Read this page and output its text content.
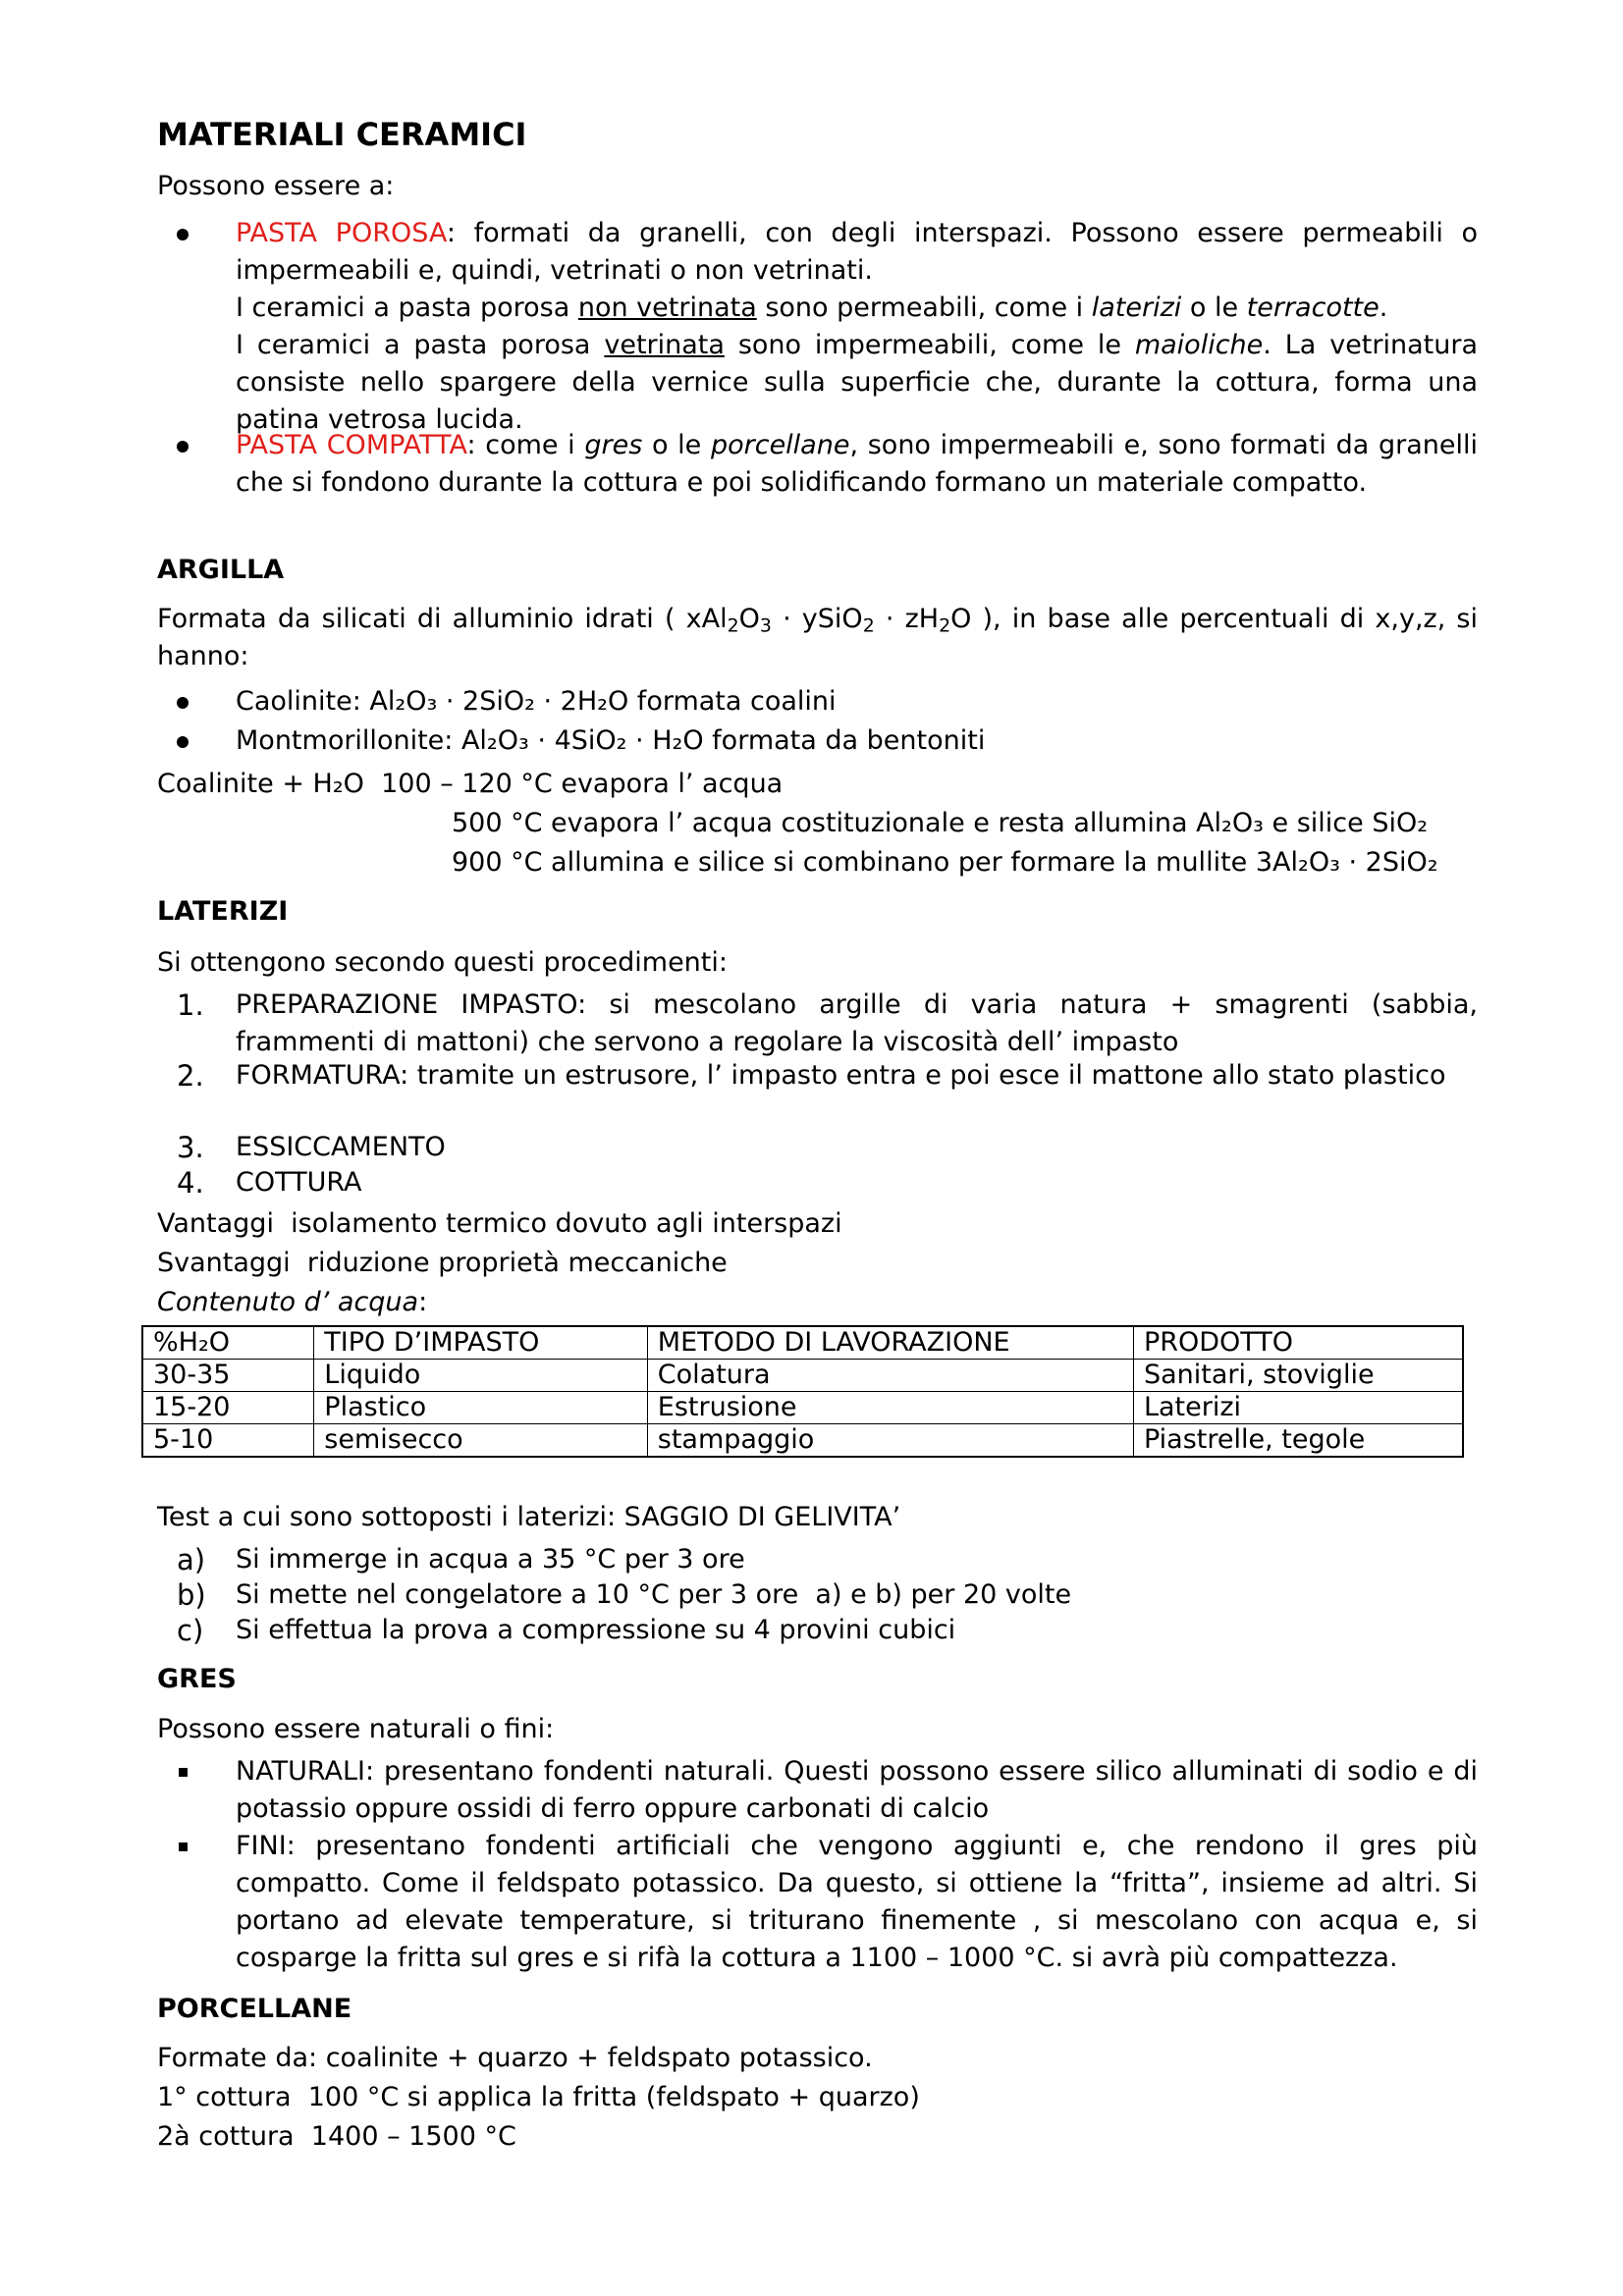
MATERIALI CERAMICI
Possono essere a:
PASTA POROSA: formati da granelli, con degli interspazi. Possono essere permeabili o impermeabili e, quindi, vetrinati o non vetrinati.
I ceramici a pasta porosa non vetrinata sono permeabili, come i laterizi o le terracotte.
I ceramici a pasta porosa vetrinata sono impermeabili, come le maioliche. La vetrinatura consiste nello spargere della vernice sulla superficie che, durante la cottura, forma una patina vetrosa lucida.
PASTA COMPATTA: come i gres o le porcellane, sono impermeabili e, sono formati da granelli che si fondono durante la cottura e poi solidificando formano un materiale compatto.
ARGILLA
Formata da silicati di alluminio idrati ( $xAl_2O_3$ · ySiO$_2$ · $zH_2O$ ), in base alle percentuali di x,y,z, si hanno:
Caolinite: Al₂O₃ · 2SiO₂ · 2H₂O formata coalini
Montmorillonite: Al₂O₃ · 4SiO₂ · H₂O formata da bentoniti
Coalinite + H₂O 100 – 120 °C evapora l’ acqua
500 °C evapora l’ acqua costituzionale e resta allumina Al₂O₃ e silice SiO₂
900 °C allumina e silice si combinano per formare la mullite 3Al₂O₃ · 2SiO₂
LATERIZI
Si ottengono secondo questi procedimenti:
1.	PREPARAZIONE IMPASTO: si mescolano argille di varia natura + smagrenti (sabbia, frammenti di mattoni) che servono a regolare la viscosità dell’ impasto
2.	FORMATURA: tramite un estrusore, l’ impasto entra e poi esce il mattone allo stato plastico
3.	ESSICCAMENTO
4.	COTTURA
Vantaggi isolamento termico dovuto agli interspazi
Svantaggi riduzione proprietà meccaniche
Contenuto d’ acqua:
%H₂O	TIPO D’IMPASTO	METODO DI LAVORAZIONE	PRODOTTO
30-35	Liquido	Colatura	Sanitari, stoviglie
15-20	Plastico	Estrusione	Laterizi
5-10	semisecco	stampaggio	Piastrelle, tegole
Test a cui sono sottoposti i laterizi: SAGGIO DI GELIVITA’
a)	Si immerge in acqua a 35 °C per 3 ore
b)	Si mette nel congelatore a 10 °C per 3 ore a) e b) per 20 volte
c)	Si effettua la prova a compressione su 4 provini cubici
GRES
Possono essere naturali o fini:
NATURALI: presentano fondenti naturali. Questi possono essere silico alluminati di sodio e di potassio oppure ossidi di ferro oppure carbonati di calcio
FINI: presentano fondenti artificiali che vengono aggiunti e, che rendono il gres più compatto. Come il feldspato potassico. Da questo, si ottiene la “fritta”, insieme ad altri. Si portano ad elevate temperature, si triturano finemente , si mescolano con acqua e, si cosparge la fritta sul gres e si rifà la cottura a 1100 – 1000 °C. si avrà più compattezza.
PORCELLANE
Formate da: coalinite + quarzo + feldspato potassico.
1° cottura 100 °C si applica la fritta (feldspato + quarzo)
2à cottura 1400 – 1500 °C
